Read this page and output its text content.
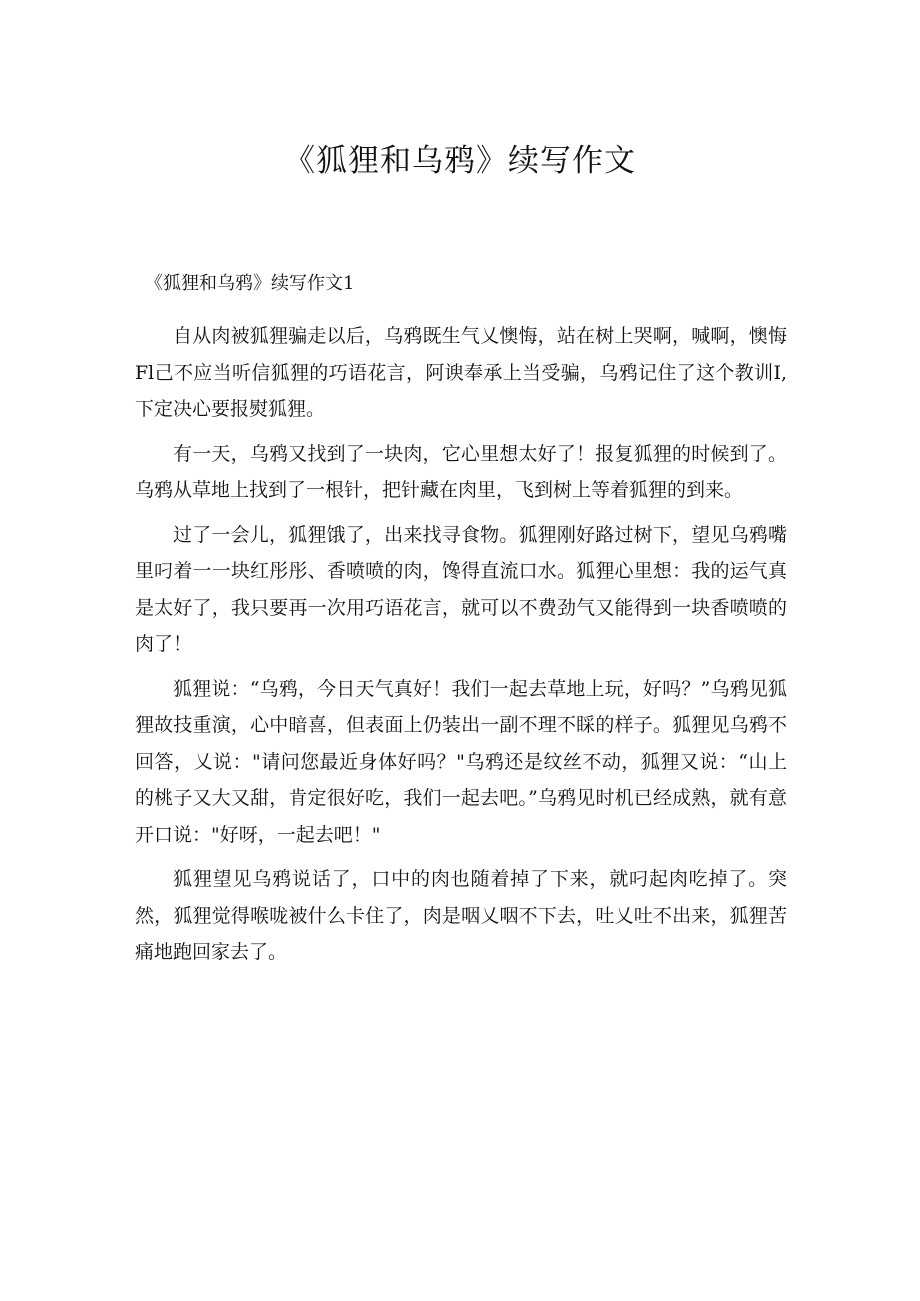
《狐狸和乌鸦》续写作文

《狐狸和乌鸦》续写作文1

自从肉被狐狸骗走以后，乌鸦既生气乂懊悔，站在树上哭啊，喊啊，懊悔Fl己不应当听信狐狸的巧语花言，阿谀奉承上当受骗，乌鸦记住了这个教训I,下定决心要报熨狐狸。

有一天，乌鸦又找到了一块肉，它心里想太好了！报复狐狸的时候到了。乌鸦从草地上找到了一根针，把针藏在肉里，飞到树上等着狐狸的到来。

过了一会儿，狐狸饿了，出来找寻食物。狐狸刚好路过树下，望见乌鸦嘴里叼着一一块红彤彤、香喷喷的肉，馋得直流口水。狐狸心里想：我的运气真是太好了，我只要再一次用巧语花言，就可以不费劲气又能得到一块香喷喷的肉了！

狐狸说：“乌鸦，今日天气真好！我们一起去草地上玩，好吗？”乌鸦见狐狸故技重演，心中暗喜，但表面上仍装出一副不理不睬的样子。狐狸见乌鸦不回答，乂说："请问您最近身体好吗？"乌鸦还是纹丝不动，狐狸又说：“山上的桃子又大又甜，肯定很好吃，我们一起去吧。”乌鸦见时机已经成熟，就有意开口说："好呀，一起去吧！"

狐狸望见乌鸦说话了，口中的肉也随着掉了下来，就叼起肉吃掉了。突然，狐狸觉得喉咙被什么卡住了，肉是咽乂咽不下去，吐乂吐不出来，狐狸苦痛地跑回家去了。
